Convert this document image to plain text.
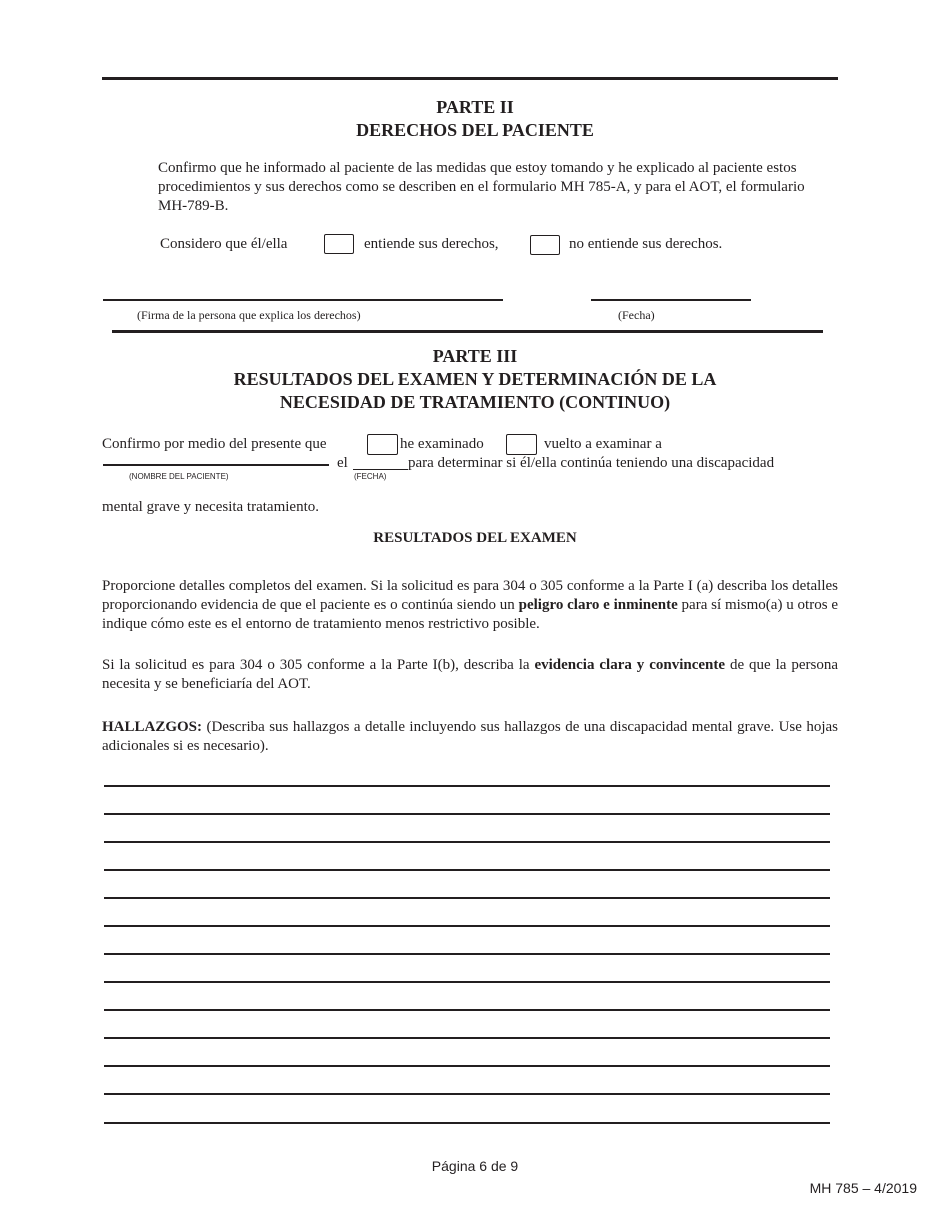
PARTE II
DERECHOS DEL PACIENTE
Confirmo que he informado al paciente de las medidas que estoy tomando y he explicado al paciente estos procedimientos y sus derechos como se describen en el formulario MH 785-A, y para el AOT, el formulario MH-789-B.
Considero que él/ella	entiende sus derechos,	no entiende sus derechos.
(Firma de la persona que explica los derechos)	(Fecha)
PARTE III
RESULTADOS DEL EXAMEN Y DETERMINACIÓN DE LA
NECESIDAD DE TRATAMIENTO (CONTINUO)
Confirmo por medio del presente que	he examinado	vuelto a examinar a
el	para determinar si él/ella continúa teniendo una discapacidad
(NOMBRE DEL PACIENTE)	(FECHA)
mental grave y necesita tratamiento.
RESULTADOS DEL EXAMEN
Proporcione detalles completos del examen. Si la solicitud es para 304 o 305 conforme a la Parte I (a) describa los detalles proporcionando evidencia de que el paciente es o continúa siendo un peligro claro e inminente para sí mismo(a) u otros e indique cómo este es el entorno de tratamiento menos restrictivo posible.
Si la solicitud es para 304 o 305 conforme a la Parte I(b), describa la evidencia clara y convincente de que la persona necesita y se beneficiaría del AOT.
HALLAZGOS: (Describa sus hallazgos a detalle incluyendo sus hallazgos de una discapacidad mental grave. Use hojas adicionales si es necesario).
Página 6 de 9
MH 785 – 4/2019
